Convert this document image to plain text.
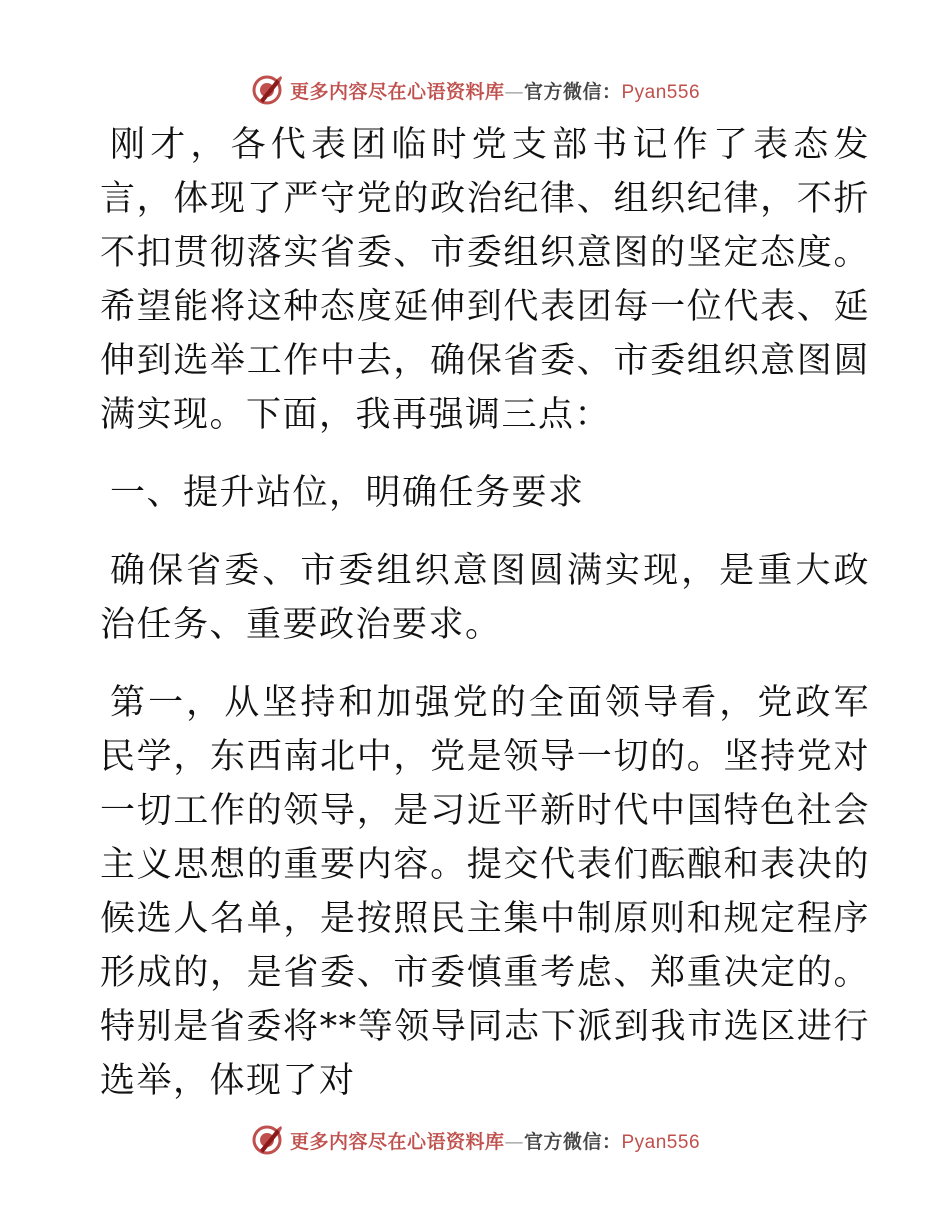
更多内容尽在心语资料库 — 官方微信： Pyan556

刚才，各代表团临时党支部书记作了表态发言，体现了严守党的政治纪律、组织纪律，不折不扣贯彻落实省委、市委组织意图的坚定态度。希望能将这种态度延伸到代表团每一位代表、延伸到选举工作中去，确保省委、市委组织意图圆满实现。下面，我再强调三点：

一、提升站位，明确任务要求

确保省委、市委组织意图圆满实现，是重大政治任务、重要政治要求。

第一，从坚持和加强党的全面领导看，党政军民学，东西南北中，党是领导一切的。坚持党对一切工作的领导，是习近平新时代中国特色社会主义思想的重要内容。提交代表们酝酿和表决的候选人名单，是按照民主集中制原则和规定程序形成的，是省委、市委慎重考虑、郑重决定的。特别是省委将**等领导同志下派到我市选区进行选举，体现了对

更多内容尽在心语资料库 — 官方微信： Pyan556
